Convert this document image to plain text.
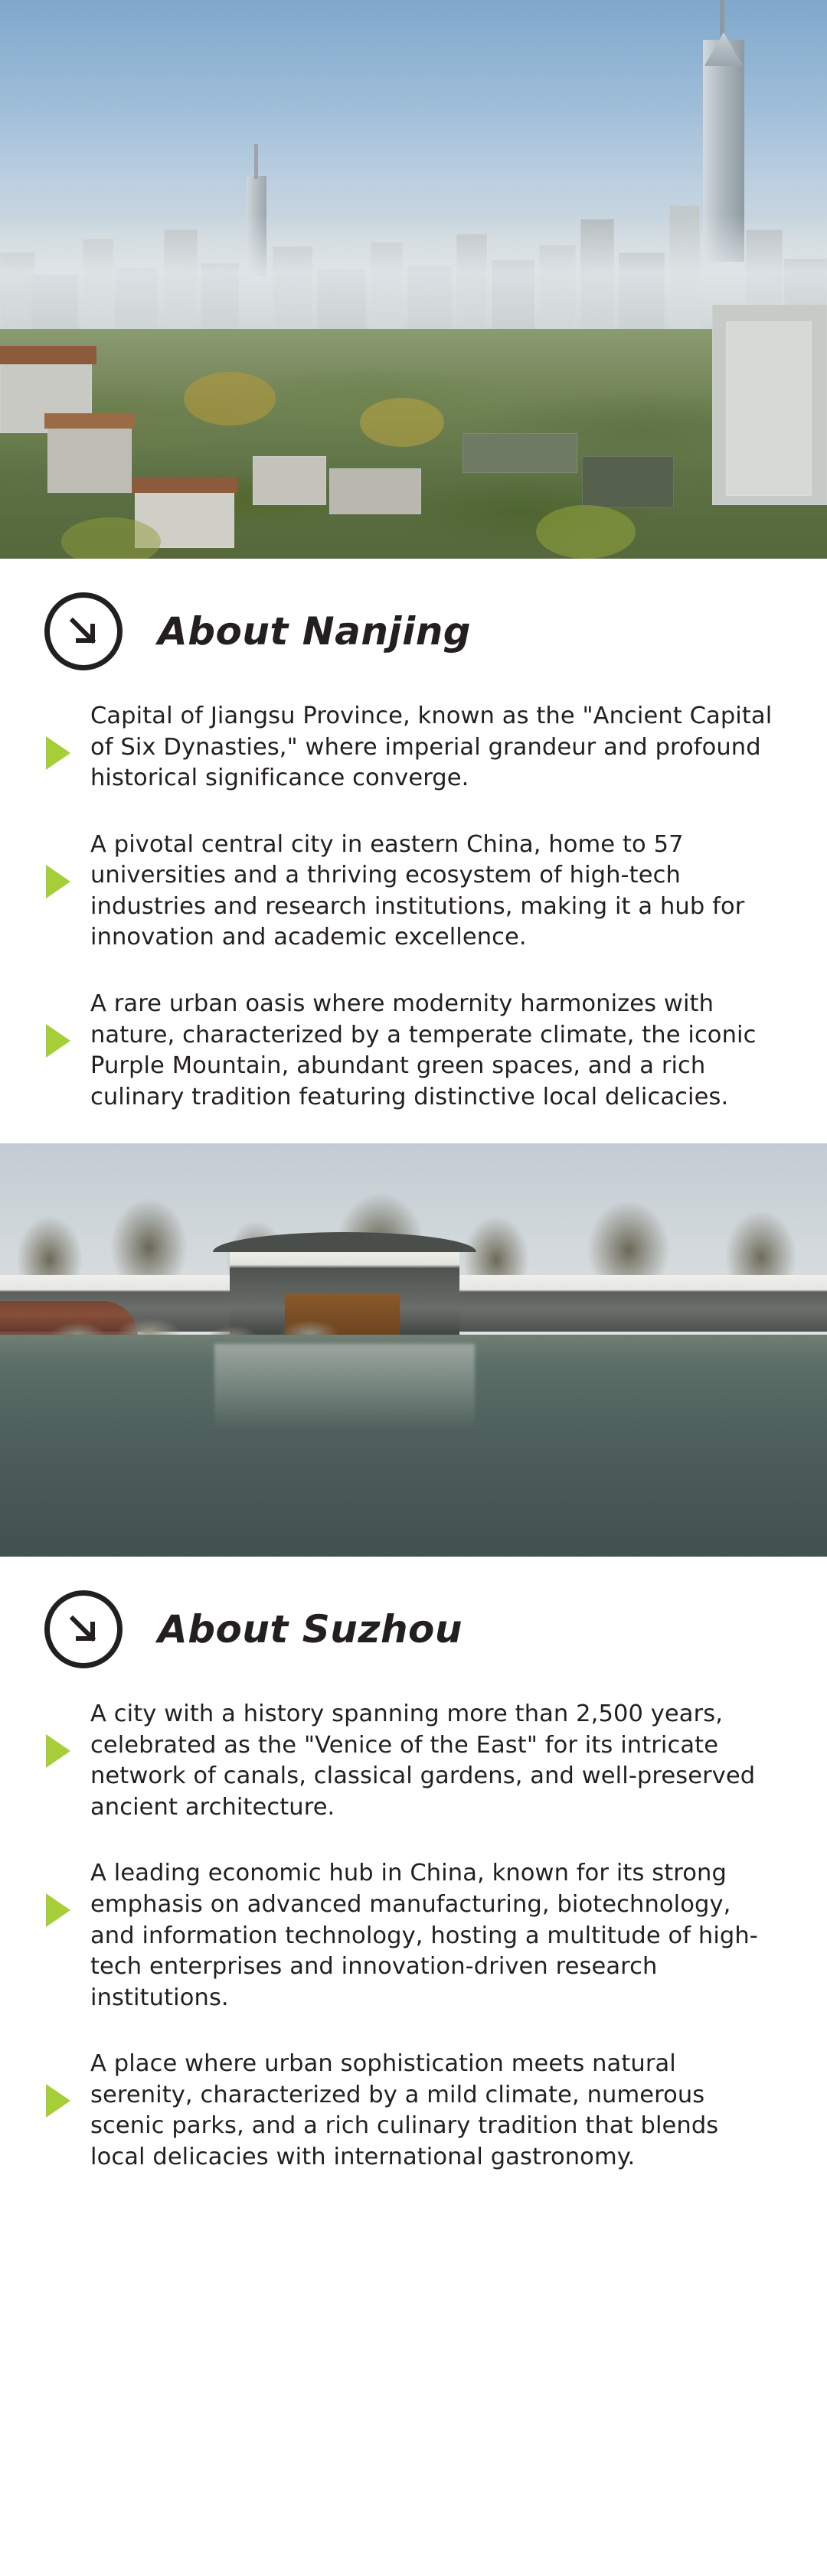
About Nanjing
Capital of Jiangsu Province, known as the "Ancient Capital of Six Dynasties," where imperial grandeur and profound historical significance converge.
A pivotal central city in eastern China, home to 57 universities and a thriving ecosystem of high-tech industries and research institutions, making it a hub for innovation and academic excellence.
A rare urban oasis where modernity harmonizes with nature, characterized by a temperate climate, the iconic Purple Mountain, abundant green spaces, and a rich culinary tradition featuring distinctive local delicacies.
About Suzhou
A city with a history spanning more than 2,500 years, celebrated as the "Venice of the East" for its intricate network of canals, classical gardens, and well-preserved ancient architecture.
A leading economic hub in China, known for its strong emphasis on advanced manufacturing, biotechnology, and information technology, hosting a multitude of high-tech enterprises and innovation-driven research institutions.
A place where urban sophistication meets natural serenity, characterized by a mild climate, numerous scenic parks, and a rich culinary tradition that blends local delicacies with international gastronomy.
